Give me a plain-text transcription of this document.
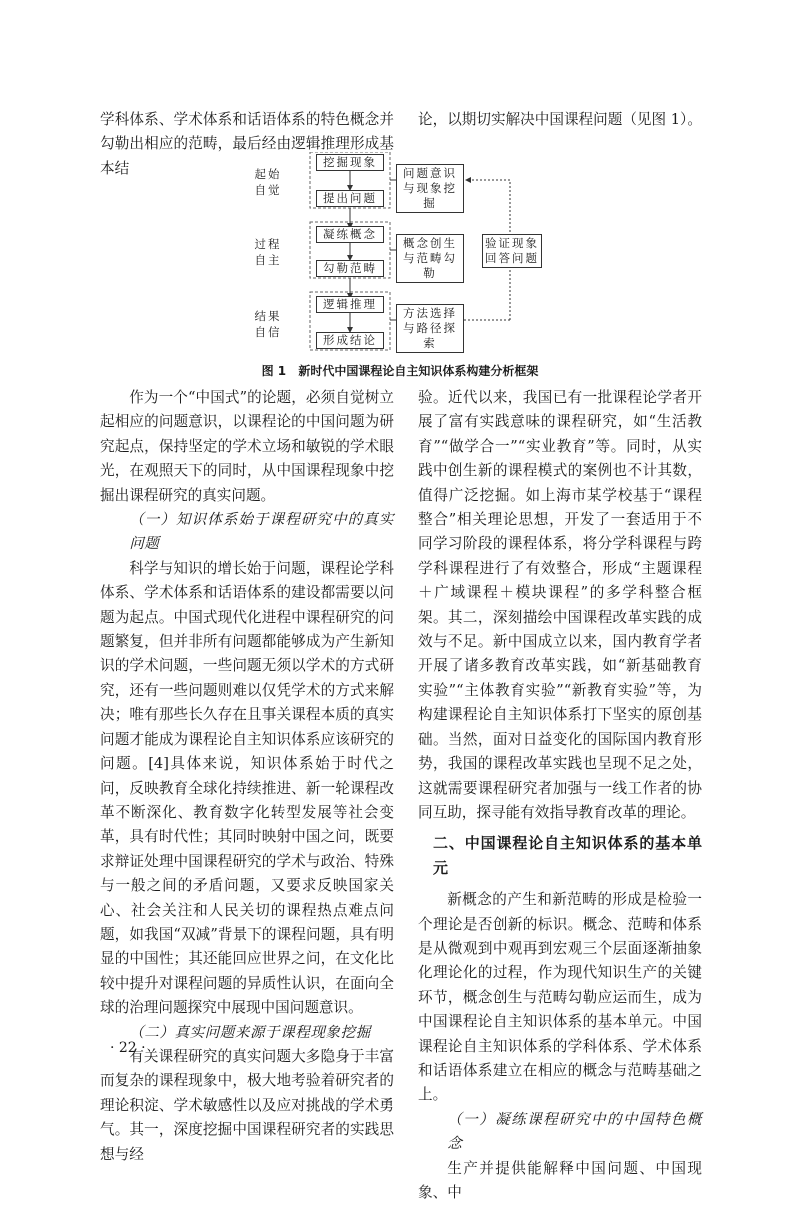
学科体系、学术体系和话语体系的特色概念并勾勒出相应的范畴，最后经由逻辑推理形成基本结

论，以期切实解决中国课程问题（见图 1）。

起始自觉
过程自主
结果自信
挖掘现象
提出问题
凝练概念
勾勒范畴
逻辑推理
形成结论
问题意识与现象挖掘
概念创生与范畴勾勒
方法选择与路径探索
验证现象回答问题
图 1 新时代中国课程论自主知识体系构建分析框架

作为一个“中国式”的论题，必须自觉树立起相应的问题意识，以课程论的中国问题为研究起点，保持坚定的学术立场和敏锐的学术眼光，在观照天下的同时，从中国课程现象中挖掘出课程研究的真实问题。

（一）知识体系始于课程研究中的真实问题

科学与知识的增长始于问题，课程论学科体系、学术体系和话语体系的建设都需要以问题为起点。中国式现代化进程中课程研究的问题繁复，但并非所有问题都能够成为产生新知识的学术问题，一些问题无须以学术的方式研究，还有一些问题则难以仅凭学术的方式来解决；唯有那些长久存在且事关课程本质的真实问题才能成为课程论自主知识体系应该研究的问题。[4]具体来说，知识体系始于时代之问，反映教育全球化持续推进、新一轮课程改革不断深化、教育数字化转型发展等社会变革，具有时代性；其同时映射中国之问，既要求辩证处理中国课程研究的学术与政治、特殊与一般之间的矛盾问题，又要求反映国家关心、社会关注和人民关切的课程热点难点问题，如我国“双减”背景下的课程问题，具有明显的中国性；其还能回应世界之问，在文化比较中提升对课程问题的异质性认识，在面向全球的治理问题探究中展现中国问题意识。

（二）真实问题来源于课程现象挖掘

有关课程研究的真实问题大多隐身于丰富而复杂的课程现象中，极大地考验着研究者的理论积淀、学术敏感性以及应对挑战的学术勇气。其一，深度挖掘中国课程研究者的实践思想与经

验。近代以来，我国已有一批课程论学者开展了富有实践意味的课程研究，如“生活教育”“做学合一”“实业教育”等。同时，从实践中创生新的课程模式的案例也不计其数，值得广泛挖掘。如上海市某学校基于“课程整合”相关理论思想，开发了一套适用于不同学习阶段的课程体系，将分学科课程与跨学科课程进行了有效整合，形成“主题课程＋广域课程＋模块课程”的多学科整合框架。其二，深刻描绘中国课程改革实践的成效与不足。新中国成立以来，国内教育学者开展了诸多教育改革实践，如“新基础教育实验”“主体教育实验”“新教育实验”等，为构建课程论自主知识体系打下坚实的原创基础。当然，面对日益变化的国际国内教育形势，我国的课程改革实践也呈现不足之处，这就需要课程研究者加强与一线工作者的协同互助，探寻能有效指导教育改革的理论。

二、中国课程论自主知识体系的基本单元

新概念的产生和新范畴的形成是检验一个理论是否创新的标识。概念、范畴和体系是从微观到中观再到宏观三个层面逐渐抽象化理论化的过程，作为现代知识生产的关键环节，概念创生与范畴勾勒应运而生，成为中国课程论自主知识体系的基本单元。中国课程论自主知识体系的学科体系、学术体系和话语体系建立在相应的概念与范畴基础之上。

（一）凝练课程研究中的中国特色概念

生产并提供能解释中国问题、中国现象、中

· 22 ·
